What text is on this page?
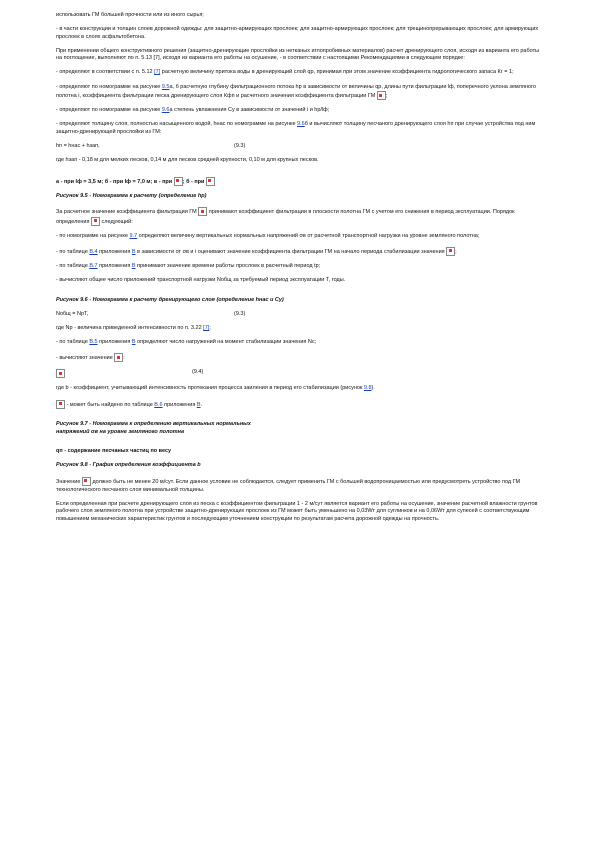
использовать ГМ большей прочности или из иного сырья;

- в части конструкции и толщин слоев дорожной одежды: для защитно-армирующих прослоек; для защитно-армирующих прослоек; для трещинопрерывающих прослоек; для армирующих прослоек в слоях асфальтобетона.

При применении общего конструктивного решения (защитно-дренирующие прослойки из нетканых иглопробивных материалов) расчет дренирующего слоя, исходя из варианта его работы на поглощение, выполняют по п. 5.13 [7], исходя из варианта его работы на осушение, - в соответствии с настоящими Рекомендациями в следующем порядке:

- определяют в соответствии с п. 5.12 [7] расчетную величину притока воды в дренирующий слой qр, принимая при этом значение коэффициента гидрологического запаса Кг = 1;

- определяют по номограмме на рисунке 9.5а, б расчетную глубину фильтрационного потока hр в зависимости от величины qр, длины пути фильтрации lф, поперечного уклона земляного полотна i, коэффициента фильтрации песка дренирующего слоя Кфп и расчетного значения коэффициента фильтрации ГМ ;

- определяют по номограмме на рисунке 9.6а степень увлажнения Cу в зависимости от значений i и hр/lф;

- определяют толщину слоя, полностью насыщенного водой, hнас по номограмме на рисунке 9.6б и вычисляют толщину песчаного дренирующего слоя hп при случае устройства под ним защитно-дренирующей прослойки из ГМ:

hп = hнас + hзап,	(9.3)

где hзап - 0,18 м для мелких песков, 0,14 м для песков средней крупности, 0,10 м для крупных песков.

а - при lф = 3,5 м; б - при lф = 7,0 м; в - при ; б - при

Рисунок 9.5 - Номограмма к расчету (определение hр)

За расчетное значение коэффициента фильтрации ГМ принимают коэффициент фильтрации в плоскости полотна ГМ с учетом его снижения в период эксплуатации. Порядок определения следующий:

- по номограмме на рисунке 9.7 определяют величину вертикальных нормальных напряжений σв от расчетной транспортной нагрузки на уровне земляного полотна;

- по таблице В.4 приложения В в зависимости от σв и i оценивают значение коэффициента фильтрации ГМ на начало периода стабилизации значения ;

- по таблице В.7 приложения В принимают значение времени работы прослоек в расчетный период tр;

- вычисляют общее число приложений транспортной нагрузки Nобщ за требуемый период эксплуатации Т, годы.

Рисунок 9.6 - Номограмма к расчету дренирующего слоя (определение hнас и Cу)

Nобщ = NрТ,	(9.3)

где Nр - величина приведенной интенсивности по п. 3.22 [7];

- по таблице В.5 приложения В определяют число нагружений на момент стабилизации значения Nс;

- вычисляют значение :

(9.4)

где b - коэффициент, учитывающий интенсивность протекания процесса заиления в период его стабилизации (рисунок 9.8).

- может быть найдено по таблице В.6 приложения В.

Рисунок 9.7 - Номограмма к определению вертикальных нормальных

напряжений σв на уровне земляного полотна

qп - содержание песчаных частиц по весу

Рисунок 9.8 - График определения коэффициента b

Значение должно быть не менее 20 м/сут. Если данное условие не соблюдается, следует применить ГМ с большей водопроницаемостью или предусмотреть устройство под ГМ технологического песчаного слоя минимальной толщины.

Если определенная при расчете дренирующего слоя из песка с коэффициентом фильтрации 1 - 2 м/сут является вариант его работы на осушение, значение расчетной влажности грунтов рабочего слоя земляного полотна при устройстве защитно-дренирующих прослоек из ГМ может быть уменьшено на 0,03Wт для суглинков и на 0,06Wт для супесей с соответствующим повышением механических характеристик грунтов и последующим уточнением конструкции по результатам расчета дорожной одежды на прочность.
